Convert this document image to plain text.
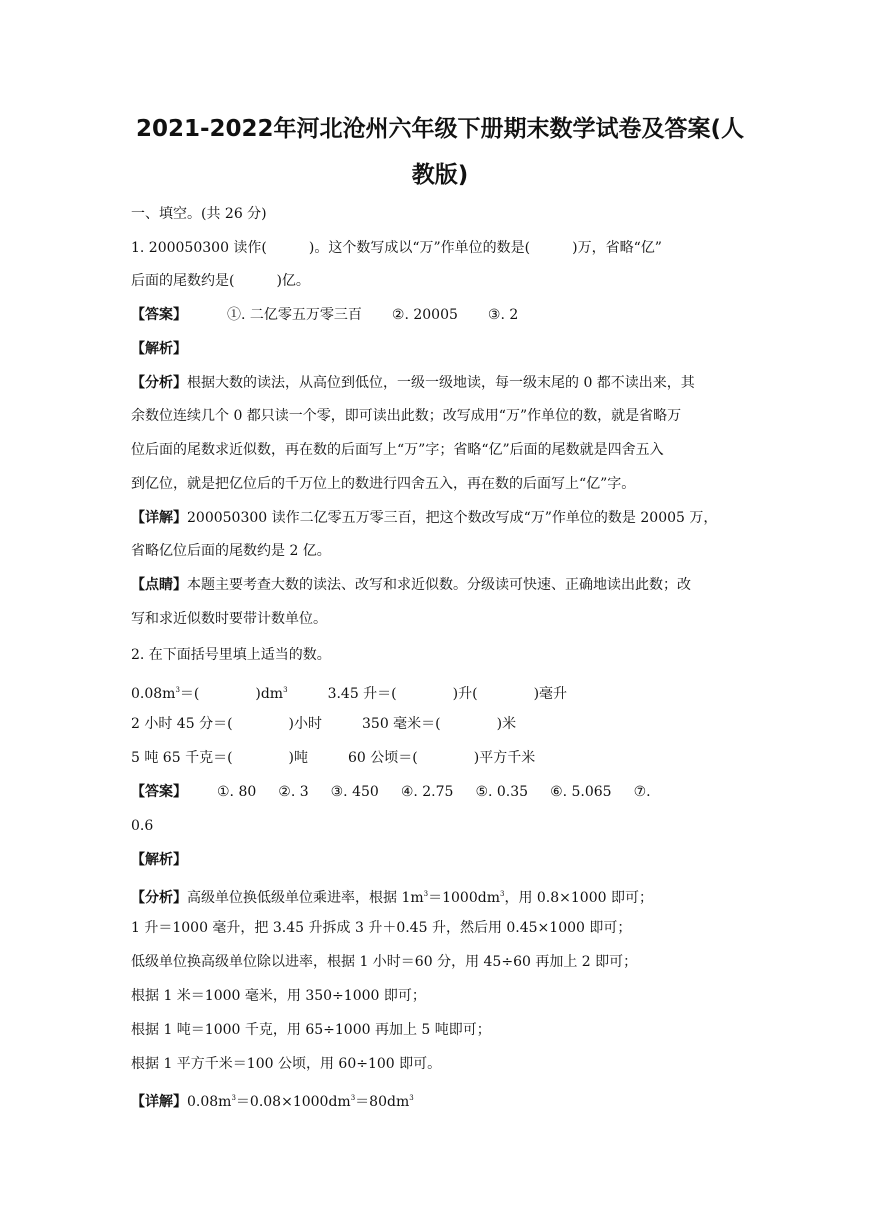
2021-2022年河北沧州六年级下册期末数学试卷及答案(人
教版)
一、填空。(共 26 分)
1. 200050300 读作(　　　)。这个数写成以“万”作单位的数是(　　　)万，省略“亿”
后面的尾数约是(　　　)亿。
【答案】	①. 二亿零五万零三百 ②. 20005 ③. 2
【解析】
【分析】根据大数的读法，从高位到低位，一级一级地读，每一级末尾的 0 都不读出来，其
余数位连续几个 0 都只读一个零，即可读出此数；改写成用“万”作单位的数，就是省略万
位后面的尾数求近似数，再在数的后面写上“万”字；省略“亿”后面的尾数就是四舍五入
到亿位，就是把亿位后的千万位上的数进行四舍五入，再在数的后面写上“亿”字。
【详解】200050300 读作二亿零五万零三百，把这个数改写成“万”作单位的数是 20005 万，
省略亿位后面的尾数约是 2 亿。
【点睛】本题主要考查大数的读法、改写和求近似数。分级读可快速、正确地读出此数；改
写和求近似数时要带计数单位。
2. 在下面括号里填上适当的数。
$0.08m^3=$(　　　　)$dm^3$	3.45 升＝(　　　　)升(　　　　)毫升
2 小时 45 分＝(　　　　)小时	350 毫米＝(　　　　)米
5 吨 65 千克＝(　　　　)吨	60 公顷＝(　　　　)平方千米
【答案】 ①. 80 ②. 3 ③. 450 ④. 2.75 ⑤. 0.35 ⑥. 5.065 ⑦.
0.6
【解析】
【分析】高级单位换低级单位乘进率，根据 $1m^3=1000dm^3$，用 0.8×1000 即可；
1 升＝1000 毫升，把 3.45 升拆成 3 升＋0.45 升，然后用 0.45×1000 即可；
低级单位换高级单位除以进率，根据 1 小时＝60 分，用 45÷60 再加上 2 即可；
根据 1 米＝1000 毫米，用 350÷1000 即可；
根据 1 吨＝1000 千克，用 65÷1000 再加上 5 吨即可；
根据 1 平方千米＝100 公顷，用 60÷100 即可。
【详解】$0.08m^3=0.08\times 1000dm^3=80dm^3$
